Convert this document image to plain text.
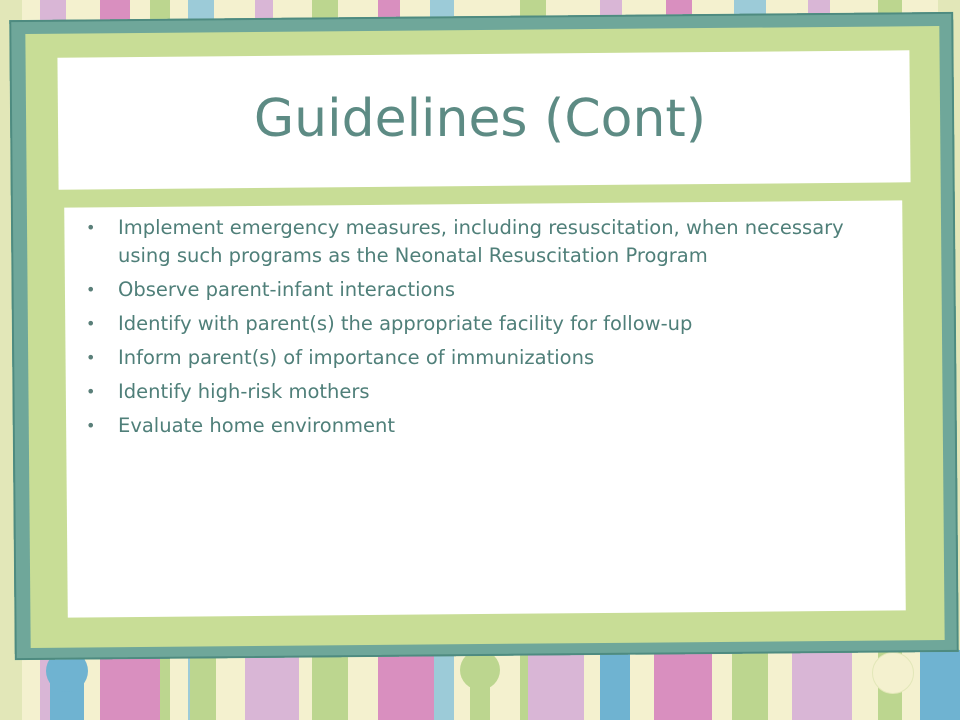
Guidelines (Cont)
• Implement emergency measures, including resuscitation, when necessary using such programs as the Neonatal Resuscitation Program
• Observe parent-infant interactions
• Identify with parent(s) the appropriate facility for follow-up
• Inform parent(s) of importance of immunizations
• Identify high-risk mothers
• Evaluate home environment
